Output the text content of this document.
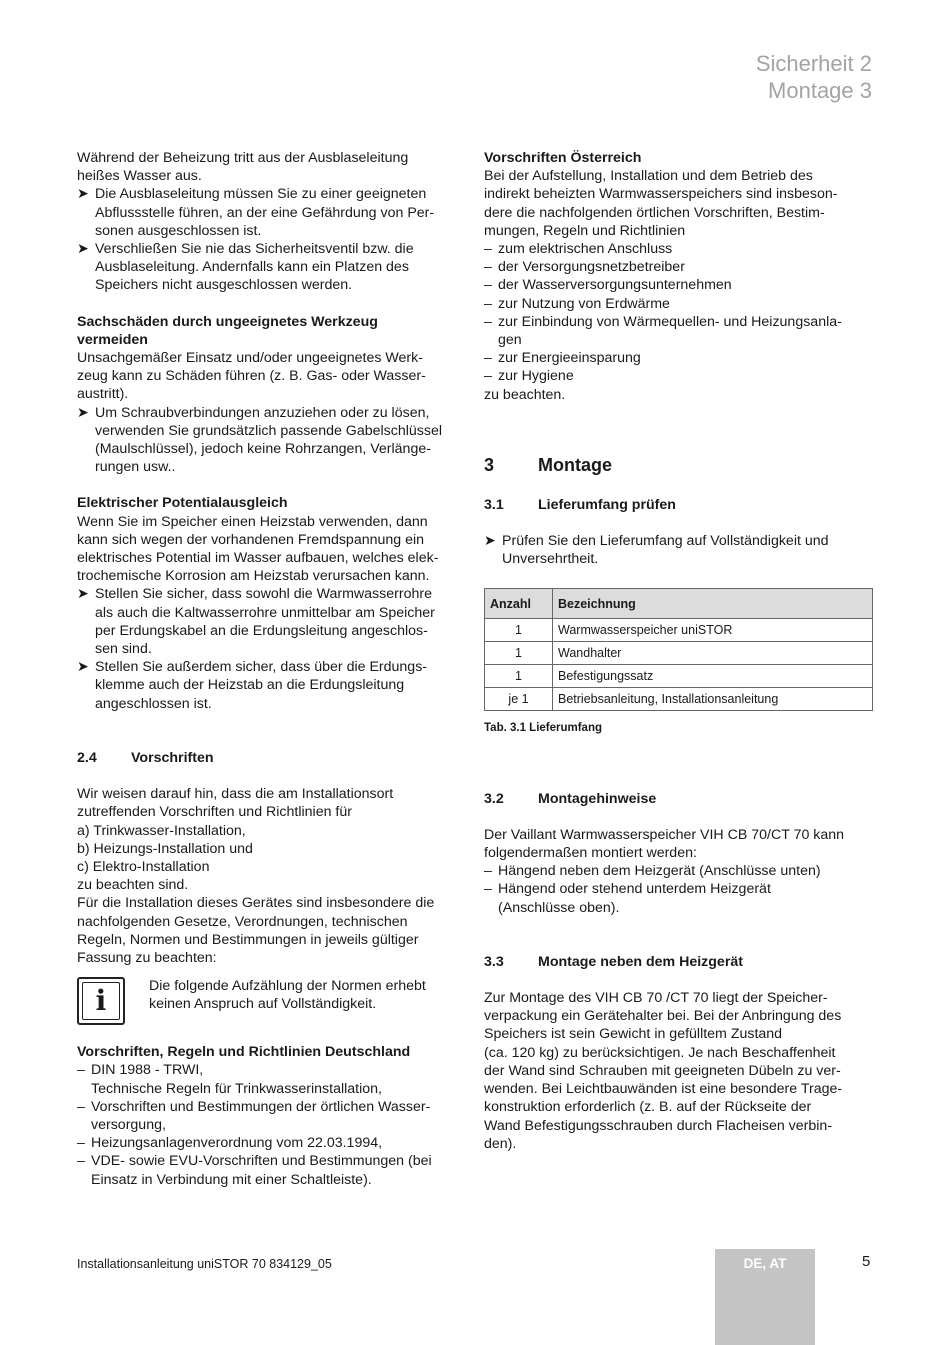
Sicherheit 2
Montage 3

Während der Beheizung tritt aus der Ausblaseleitung

heißes Wasser aus.

➤ Die Ausblaseleitung müssen Sie zu einer geeigneten

Abflussstelle führen, an der eine Gefährdung von Per-

sonen ausgeschlossen ist.

➤ Verschließen Sie nie das Sicherheitsventil bzw. die

Ausblaseleitung. Andernfalls kann ein Platzen des

Speichers nicht ausgeschlossen werden.

Sachschäden durch ungeeignetes Werkzeug

vermeiden

Unsachgemäßer Einsatz und/oder ungeeignetes Werk-

zeug kann zu Schäden führen (z. B. Gas- oder Wasser-

austritt).

➤ Um Schraubverbindungen anzuziehen oder zu lösen,

verwenden Sie grundsätzlich passende Gabelschlüssel

(Maulschlüssel), jedoch keine Rohrzangen, Verlänge-

rungen usw..

Elektrischer Potentialausgleich

Wenn Sie im Speicher einen Heizstab verwenden, dann

kann sich wegen der vorhandenen Fremdspannung ein

elektrisches Potential im Wasser aufbauen, welches elek-

trochemische Korrosion am Heizstab verursachen kann.

➤ Stellen Sie sicher, dass sowohl die Warmwasserrohre

als auch die Kaltwasserrohre unmittelbar am Speicher

per Erdungskabel an die Erdungsleitung angeschlos-

sen sind.

➤ Stellen Sie außerdem sicher, dass über die Erdungs-

klemme auch der Heizstab an die Erdungsleitung

angeschlossen ist.

2.4	Vorschriften

Wir weisen darauf hin, dass die am Installationsort

zutreffenden Vorschriften und Richtlinien für

a) Trinkwasser-Installation,

b) Heizungs-Installation und

c) Elektro-Installation

zu beachten sind.

Für die Installation dieses Gerätes sind insbesondere die

nachfolgenden Gesetze, Verordnungen, technischen

Regeln, Normen und Bestimmungen in jeweils gültiger

Fassung zu beachten:

i	Die folgende Aufzählung der Normen erhebt

keinen Anspruch auf Vollständigkeit.

Vorschriften, Regeln und Richtlinien Deutschland

– DIN 1988 - TRWI,

Technische Regeln für Trinkwasserinstallation,

– Vorschriften und Bestimmungen der örtlichen Wasser-

versorgung,

– Heizungsanlagenverordnung vom 22.03.1994,

– VDE- sowie EVU-Vorschriften und Bestimmungen (bei

Einsatz in Verbindung mit einer Schaltleiste).

Vorschriften Österreich

Bei der Aufstellung, Installation und dem Betrieb des

indirekt beheizten Warmwasserspeichers sind insbeson-

dere die nachfolgenden örtlichen Vorschriften, Bestim-

mungen, Regeln und Richtlinien

– zum elektrischen Anschluss

– der Versorgungsnetzbetreiber

– der Wasserversorgungsunternehmen

– zur Nutzung von Erdwärme

– zur Einbindung von Wärmequellen- und Heizungsanla-

gen

– zur Energieeinsparung

– zur Hygiene

zu beachten.

3	Montage
3.1	Lieferumfang prüfen
➤ Prüfen Sie den Lieferumfang auf Vollständigkeit und

Unversehrtheit.

Anzahl	Bezeichnung
1	Warmwasserspeicher uniSTOR
1	Wandhalter
1	Befestigungssatz
je 1	Betriebsanleitung, Installationsanleitung

Tab. 3.1 Lieferumfang

3.2	Montagehinweise

Der Vaillant Warmwasserspeicher VIH CB 70/CT 70 kann

folgendermaßen montiert werden:

– Hängend neben dem Heizgerät (Anschlüsse unten)

– Hängend oder stehend unterdem Heizgerät

(Anschlüsse oben).

3.3	Montage neben dem Heizgerät

Zur Montage des VIH CB 70 /CT 70 liegt der Speicher-

verpackung ein Gerätehalter bei. Bei der Anbringung des

Speichers ist sein Gewicht in gefülltem Zustand

(ca. 120 kg) zu berücksichtigen. Je nach Beschaffenheit

der Wand sind Schrauben mit geeigneten Dübeln zu ver-

wenden. Bei Leichtbauwänden ist eine besondere Trage-

konstruktion erforderlich (z. B. auf der Rückseite der

Wand Befestigungsschrauben durch Flacheisen verbin-

den).

Installationsanleitung uniSTOR 70 834129_05	DE, AT	5
